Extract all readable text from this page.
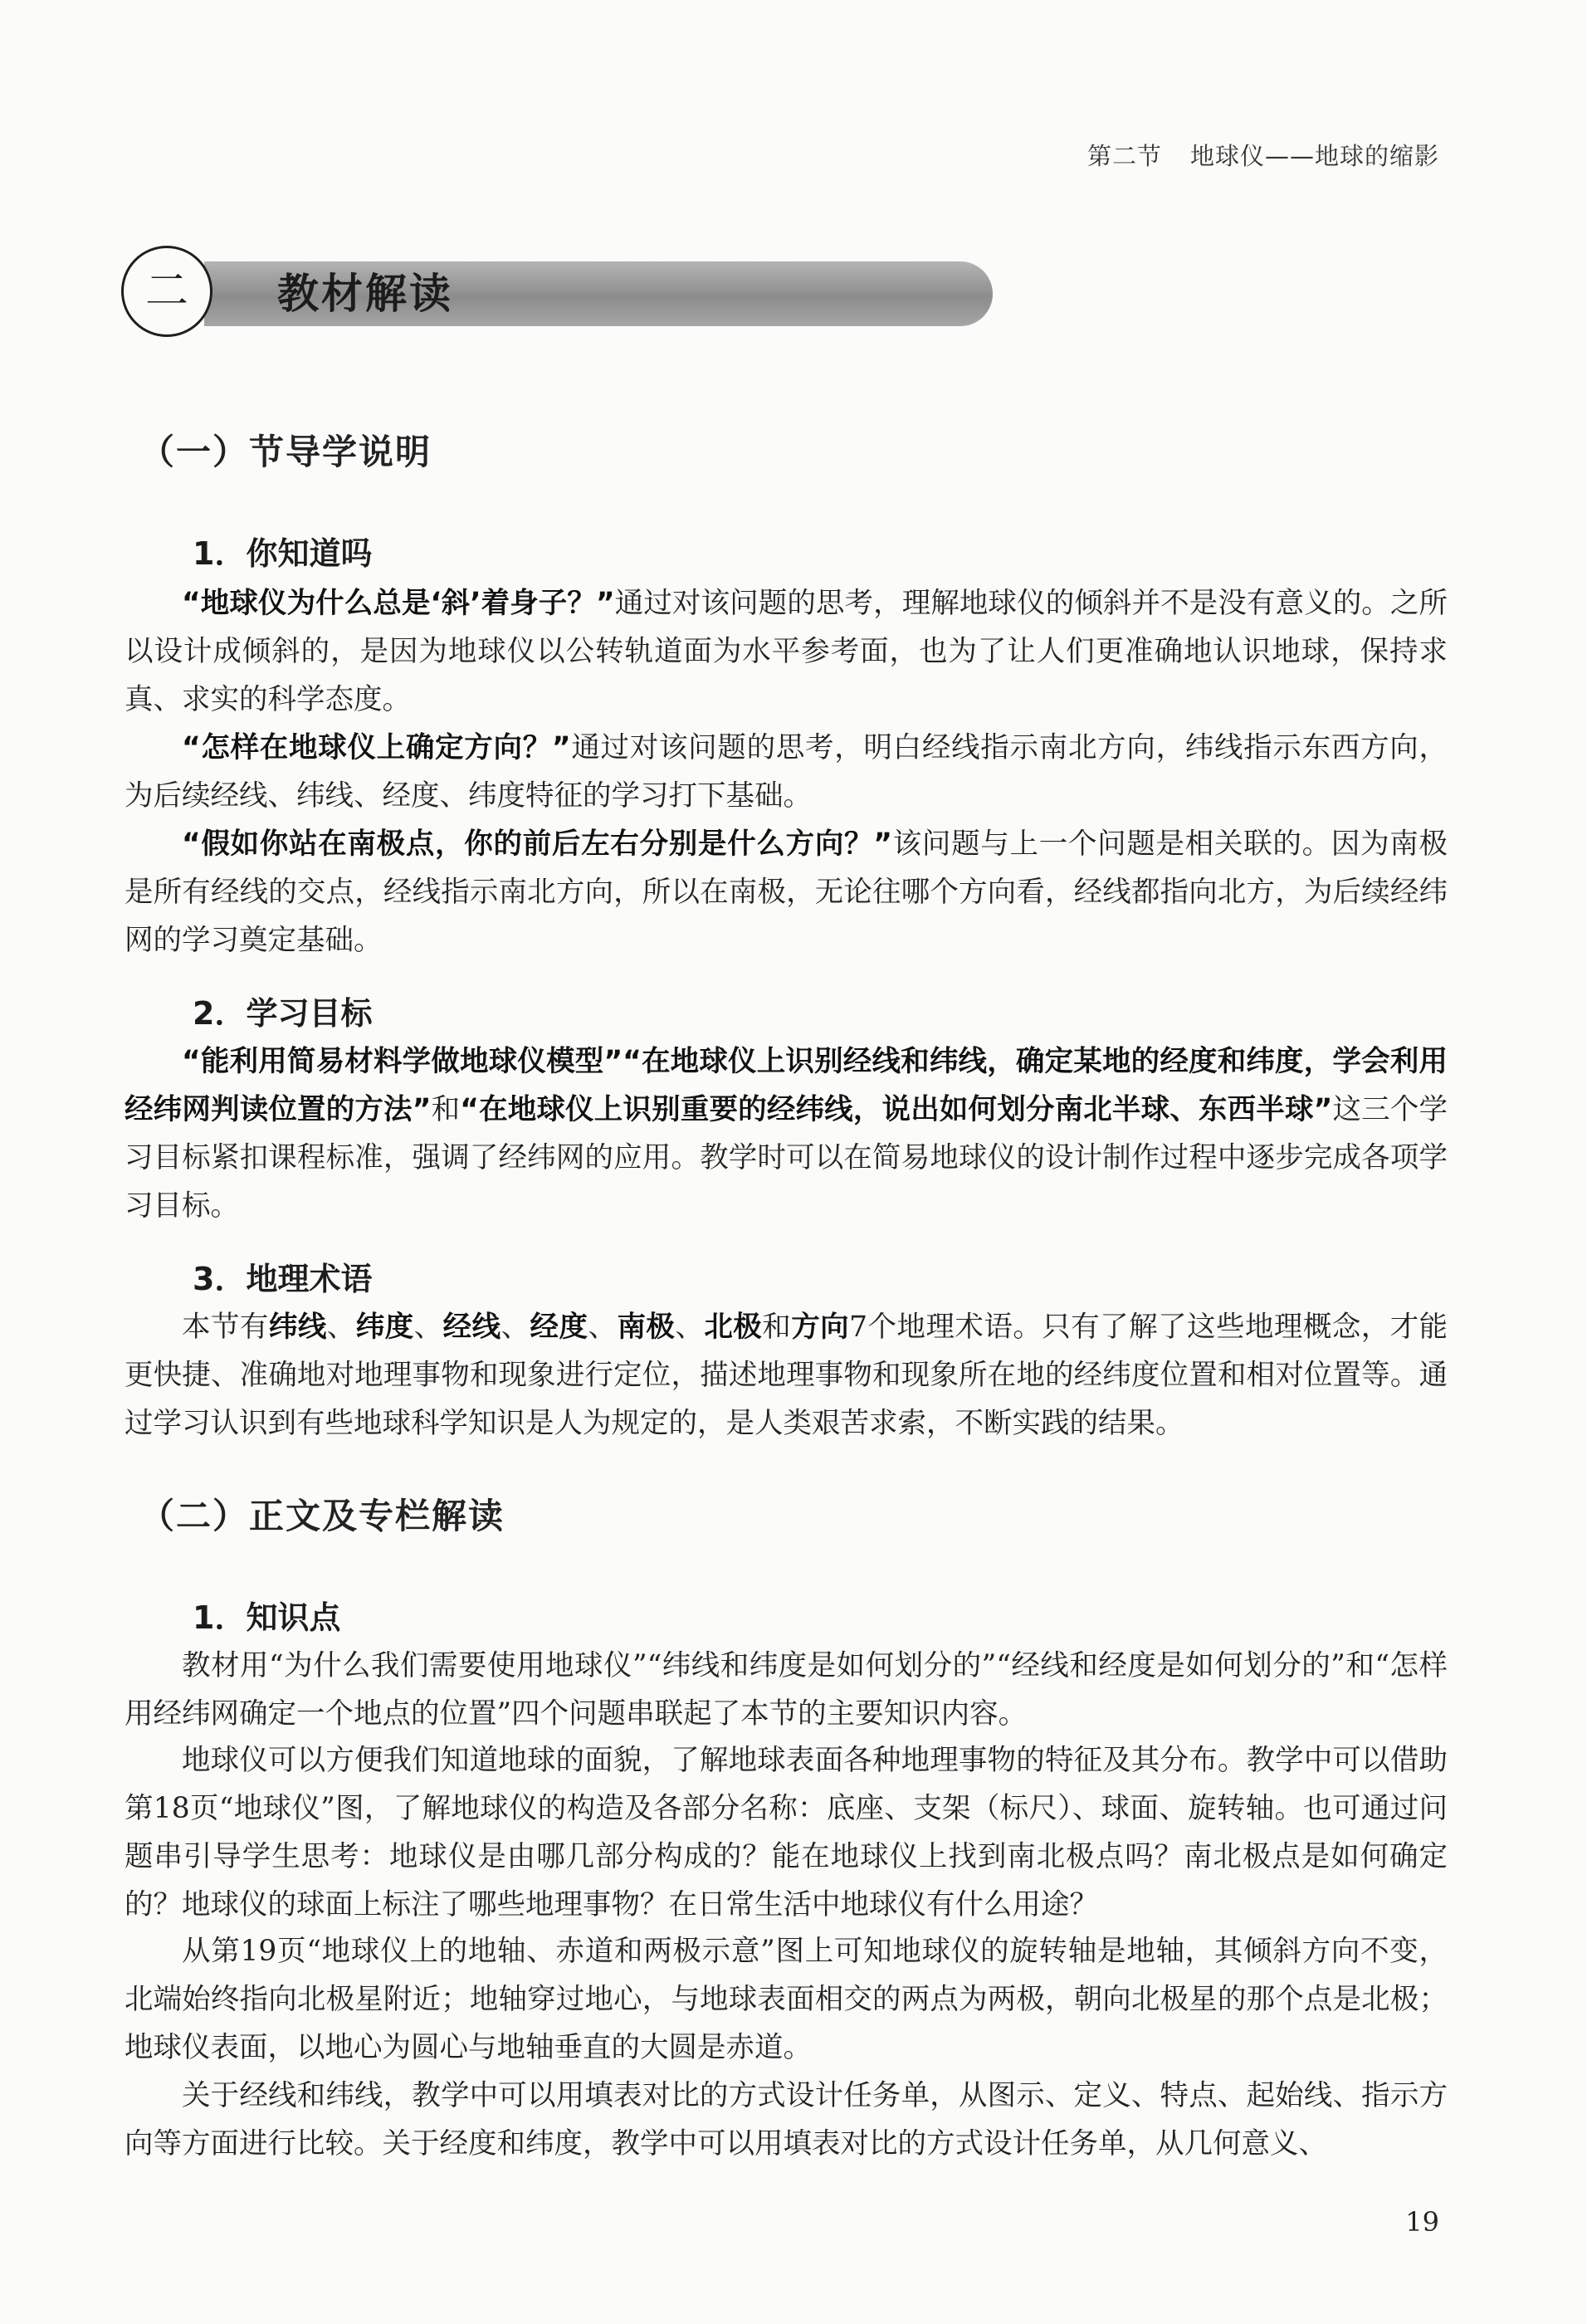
第二节 地球仪——地球的缩影
二	教材解读
（一）节导学说明
1．你知道吗
“地球仪为什么总是‘斜’着身子？”通过对该问题的思考，理解地球仪的倾斜并不是没有意义的。之所以设计成倾斜的，是因为地球仪以公转轨道面为水平参考面，也为了让人们更准确地认识地球，保持求真、求实的科学态度。
“怎样在地球仪上确定方向？”通过对该问题的思考，明白经线指示南北方向，纬线指示东西方向，为后续经线、纬线、经度、纬度特征的学习打下基础。
“假如你站在南极点，你的前后左右分别是什么方向？”该问题与上一个问题是相关联的。因为南极是所有经线的交点，经线指示南北方向，所以在南极，无论往哪个方向看，经线都指向北方，为后续经纬网的学习奠定基础。
2．学习目标
“能利用简易材料学做地球仪模型”“在地球仪上识别经线和纬线，确定某地的经度和纬度，学会利用经纬网判读位置的方法”和“在地球仪上识别重要的经纬线，说出如何划分南北半球、东西半球”这三个学习目标紧扣课程标准，强调了经纬网的应用。教学时可以在简易地球仪的设计制作过程中逐步完成各项学习目标。
3．地理术语
本节有纬线、纬度、经线、经度、南极、北极和方向7个地理术语。只有了解了这些地理概念，才能更快捷、准确地对地理事物和现象进行定位，描述地理事物和现象所在地的经纬度位置和相对位置等。通过学习认识到有些地球科学知识是人为规定的，是人类艰苦求索，不断实践的结果。
（二）正文及专栏解读
1．知识点
教材用“为什么我们需要使用地球仪”“纬线和纬度是如何划分的”“经线和经度是如何划分的”和“怎样用经纬网确定一个地点的位置”四个问题串联起了本节的主要知识内容。
地球仪可以方便我们知道地球的面貌，了解地球表面各种地理事物的特征及其分布。教学中可以借助第18页“地球仪”图，了解地球仪的构造及各部分名称：底座、支架（标尺）、球面、旋转轴。也可通过问题串引导学生思考：地球仪是由哪几部分构成的？能在地球仪上找到南北极点吗？南北极点是如何确定的？地球仪的球面上标注了哪些地理事物？在日常生活中地球仪有什么用途？
从第19页“地球仪上的地轴、赤道和两极示意”图上可知地球仪的旋转轴是地轴，其倾斜方向不变，北端始终指向北极星附近；地轴穿过地心，与地球表面相交的两点为两极，朝向北极星的那个点是北极；地球仪表面，以地心为圆心与地轴垂直的大圆是赤道。
关于经线和纬线，教学中可以用填表对比的方式设计任务单，从图示、定义、特点、起始线、指示方向等方面进行比较。关于经度和纬度，教学中可以用填表对比的方式设计任务单，从几何意义、
19
